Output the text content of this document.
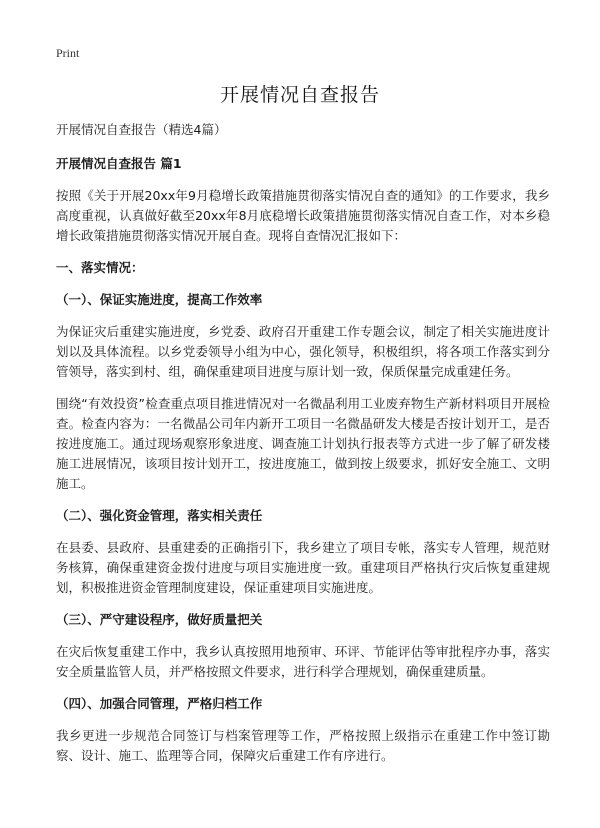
Print
开展情况自查报告

开展情况自查报告（精选4篇）

开展情况自查报告 篇1

按照《关于开展20xx年9月稳增长政策措施贯彻落实情况自查的通知》的工作要求，我乡高度重视，认真做好截至20xx年8月底稳增长政策措施贯彻落实情况自查工作，对本乡稳增长政策措施贯彻落实情况开展自查。现将自查情况汇报如下：

一、落实情况：

（一）、保证实施进度，提高工作效率

为保证灾后重建实施进度，乡党委、政府召开重建工作专题会议，制定了相关实施进度计划以及具体流程。以乡党委领导小组为中心，强化领导，积极组织，将各项工作落实到分管领导，落实到村、组，确保重建项目进度与原计划一致，保质保量完成重建任务。

围绕“有效投资”检查重点项目推进情况对一名微晶利用工业废弃物生产新材料项目开展检查。检查内容为：一名微晶公司年内新开工项目一名微晶研发大楼是否按计划开工，是否按进度施工。通过现场观察形象进度、调查施工计划执行报表等方式进一步了解了研发楼施工进展情况，该项目按计划开工，按进度施工，做到按上级要求，抓好安全施工、文明施工。

（二）、强化资金管理，落实相关责任

在县委、县政府、县重建委的正确指引下，我乡建立了项目专帐，落实专人管理，规范财务核算，确保重建资金拨付进度与项目实施进度一致。重建项目严格执行灾后恢复重建规划，积极推进资金管理制度建设，保证重建项目实施进度。

（三）、严守建设程序，做好质量把关

在灾后恢复重建工作中，我乡认真按照用地预审、环评、节能评估等审批程序办事，落实安全质量监管人员，并严格按照文件要求，进行科学合理规划，确保重建质量。

（四）、加强合同管理，严格归档工作

我乡更进一步规范合同签订与档案管理等工作，严格按照上级指示在重建工作中签订勘察、设计、施工、监理等合同，保障灾后重建工作有序进行。
